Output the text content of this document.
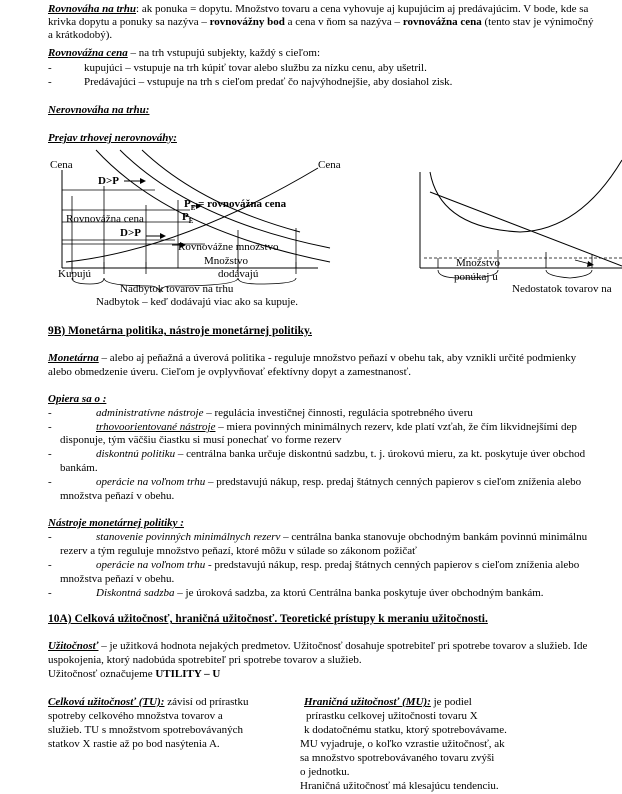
Rovnováha na trhu: ak ponuka = dopytu. Množstvo tovaru a cena vyhovuje aj kupujúcim aj predávajúcim. V bode, kde sa
krivka dopytu a ponuky sa nazýva – rovnovážny bod a cena v ňom sa nazýva – rovnovážna cena (tento stav je výnimočný
a krátkodobý).
Rovnovážna cena – na trh vstupujú subjekty, každý s cieľom:
-	kupujúci – vstupuje na trh kúpiť tovar alebo službu za nízku cenu, aby ušetril.
-	Predávajúci – vstupuje na trh s cieľom predať čo najvýhodnejšie, aby dosiahol zisk.
Nerovnováha na trhu:
Prejav trhovej nerovnováhy:
Cena
D>P
$P_E$ = rovnovážna cena
Rovnovážna cena	$P_E$
D>P
Rovnovážne množstvo
Množstvo
dodávajú
Kupujú
Nadbytok tovarov na trhu
Nadbytok – keď dodávajú viac ako sa kupuje.
Cena
Množstvo
ponúkaj ú
Nedostatok tovarov na
9B) Monetárna politika, nástroje monetárnej politiky.
Monetárna – alebo aj peňažná a úverová politika - reguluje množstvo peňazí v obehu tak, aby vznikli určité podmienky
alebo obmedzenie úveru. Cieľom je ovplyvňovať efektívny dopyt a zamestnanosť.
Opiera sa o :
-	administratívne nástroje – regulácia investičnej činnosti, regulácia spotrebného úveru
-	trhovoorientované nástroje – miera povinných minimálnych rezerv, kde platí vzťah, že čím likvidnejšími dep
disponuje, tým väčšiu čiastku si musí ponechať vo forme rezerv
-	diskontnú politiku – centrálna banka určuje diskontnú sadzbu, t. j. úrokovú mieru, za kt. poskytuje úver obchod
bankám.
-	operácie na voľnom trhu – predstavujú nákup, resp. predaj štátnych cenných papierov s cieľom zníženia alebo
množstva peňazí v obehu.
Nástroje monetárnej politiky :
-	stanovenie povinných minimálnych rezerv – centrálna banka stanovuje obchodným bankám povinnú minimálnu
rezerv a tým reguluje množstvo peňazí, ktoré môžu v súlade so zákonom požičať
-	operácie na voľnom trhu - predstavujú nákup, resp. predaj štátnych cenných papierov s cieľom zníženia alebo
množstva peňazí v obehu.
-	Diskontná sadzba – je úroková sadzba, za ktorú Centrálna banka poskytuje úver obchodným bankám.
10A) Celková užitočnosť, hraničná užitočnosť. Teoretické prístupy k meraniu užitočnosti.
Užitočnosť – je užitková hodnota nejakých predmetov. Užitočnosť dosahuje spotrebiteľ pri spotrebe tovarov a služieb. Ide
uspokojenia, ktorý nadobúda spotrebiteľ pri spotrebe tovarov a služieb.
Užitočnosť označujeme UTILITY – U
Celková užitočnosť (TU): závisí od prírastku
spotreby celkového množstva tovarov a
služieb. TU s množstvom spotrebovávaných
statkov X rastie až po bod nasýtenia A.
Hraničná užitočnosť (MU): je podiel
prírastku celkovej užitočnosti tovaru X
k dodatočnému statku, ktorý spotrebovávame.
MU vyjadruje, o koľko vzrastie užitočnosť, ak
sa množstvo spotrebovávaného tovaru zvýši
o jednotku.
Hraničná užitočnosť má klesajúcu tendenciu.
